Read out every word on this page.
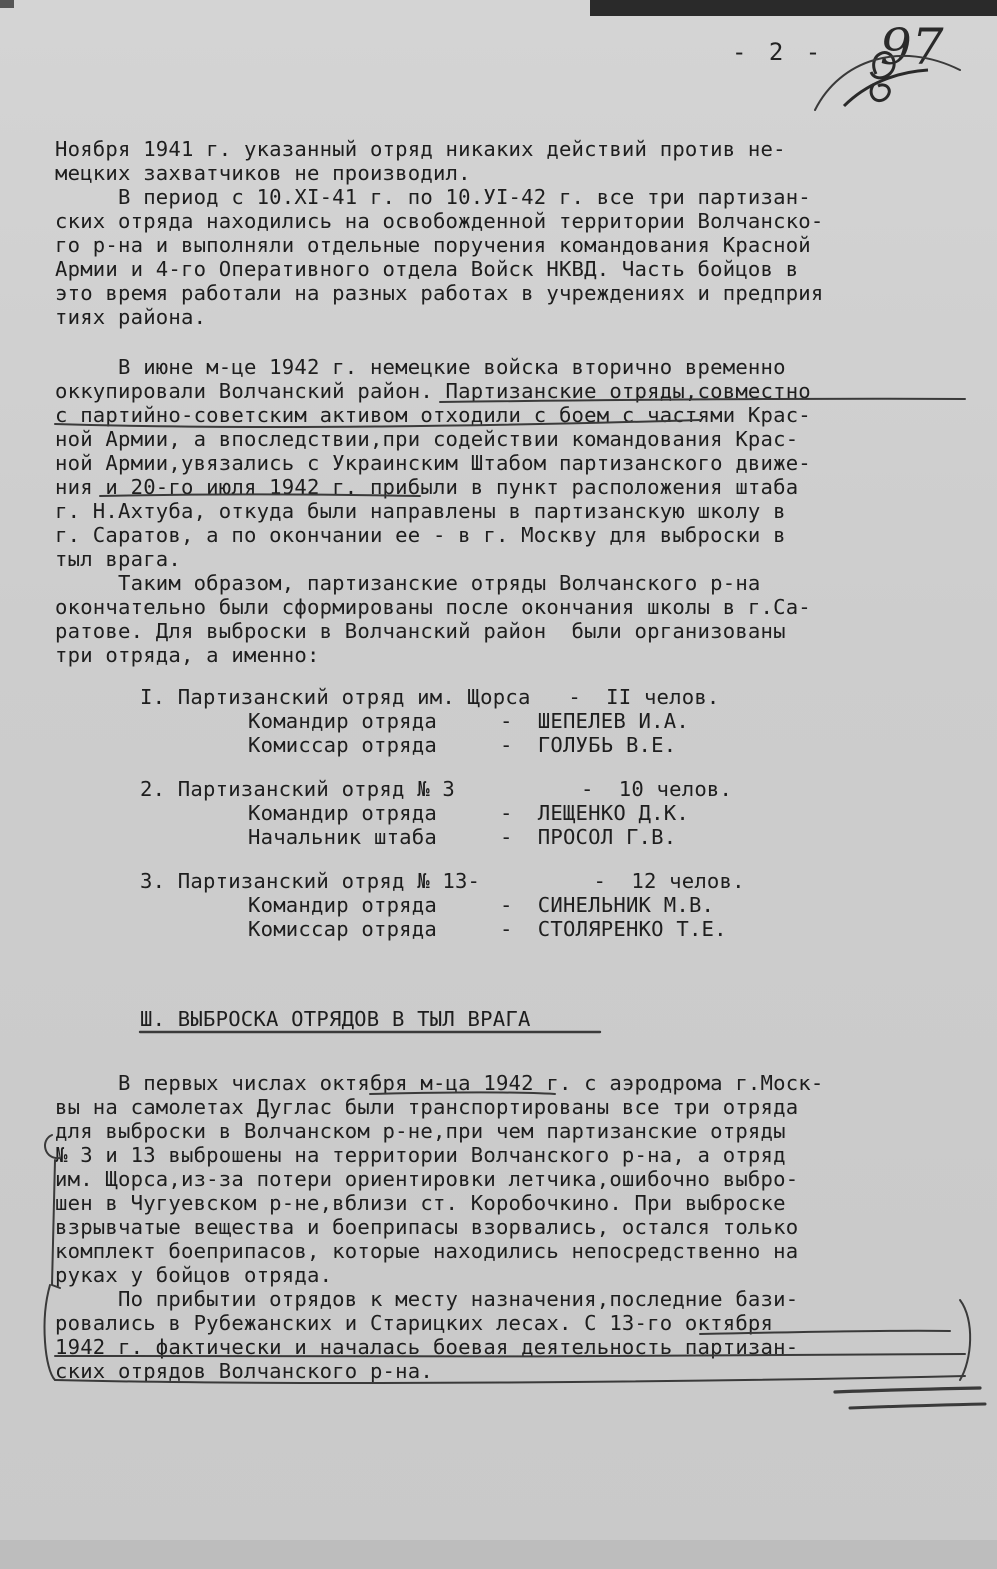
- 2 - 97
Ноября 1941 г. указанный отряд никаких действий против не-
мецких захватчиков не производил.
В период с 10.XI-41 г. по 10.УI-42 г. все три партизан-
ских отряда находились на освобожденной территории Волчанско-
го р-на и выполняли отдельные поручения командования Красной
Армии и 4-го Оперативного отдела Войск НКВД. Часть бойцов в
это время работали на разных работах в учреждениях и предприя
тиях района.
В июне м-це 1942 г. немецкие войска вторично временно
оккупировали Волчанский район. Партизанские отряды,совместно
с партийно-советским активом отходили с боем с частями Крас-
ной Армии, а впоследствии,при содействии командования Крас-
ной Армии,увязались с Украинским Штабом партизанского движе-
ния и 20-го июля 1942 г. прибыли в пункт расположения штаба
г. Н.Ахтуба, откуда были направлены в партизанскую школу в
г. Саратов, а по окончании ее - в г. Москву для выброски в
тыл врага.
Таким образом, партизанские отряды Волчанского р-на
окончательно были сформированы после окончания школы в г.Са-
ратове. Для выброски в Волчанский район  были организованы
три отряда, а именно:
I. Партизанский отряд им. Щорса   -  II челов.
Командир отряда     -  ШЕПЕЛЕВ И.А.
Комиссар отряда     -  ГОЛУБЬ В.Е.
2. Партизанский отряд № 3          -  10 челов.
Командир отряда     -  ЛЕЩЕНКО Д.К.
Начальник штаба     -  ПРОСОЛ Г.В.
3. Партизанский отряд № 13-         -  12 челов.
Командир отряда     -  СИНЕЛЬНИК М.В.
Комиссар отряда     -  СТОЛЯРЕНКО Т.Е.
Ш. ВЫБРОСКА ОТРЯДОВ В ТЫЛ ВРАГА
В первых числах октября м-ца 1942 г. с аэродрома г.Моск-
вы на самолетах Дуглас были транспортированы все три отряда
для выброски в Волчанском р-не,при чем партизанские отряды
№ 3 и 13 выброшены на территории Волчанского р-на, а отряд
им. Щорса,из-за потери ориентировки летчика,ошибочно выбро-
шен в Чугуевском р-не,вблизи ст. Коробочкино. При выброске
взрывчатые вещества и боеприпасы взорвались, остался только
комплект боеприпасов, которые находились непосредственно на
руках у бойцов отряда.
По прибытии отрядов к месту назначения,последние бази-
ровались в Рубежанских и Старицких лесах. С 13-го октября
1942 г. фактически и началась боевая деятельность партизан-
ских отрядов Волчанского р-на.
